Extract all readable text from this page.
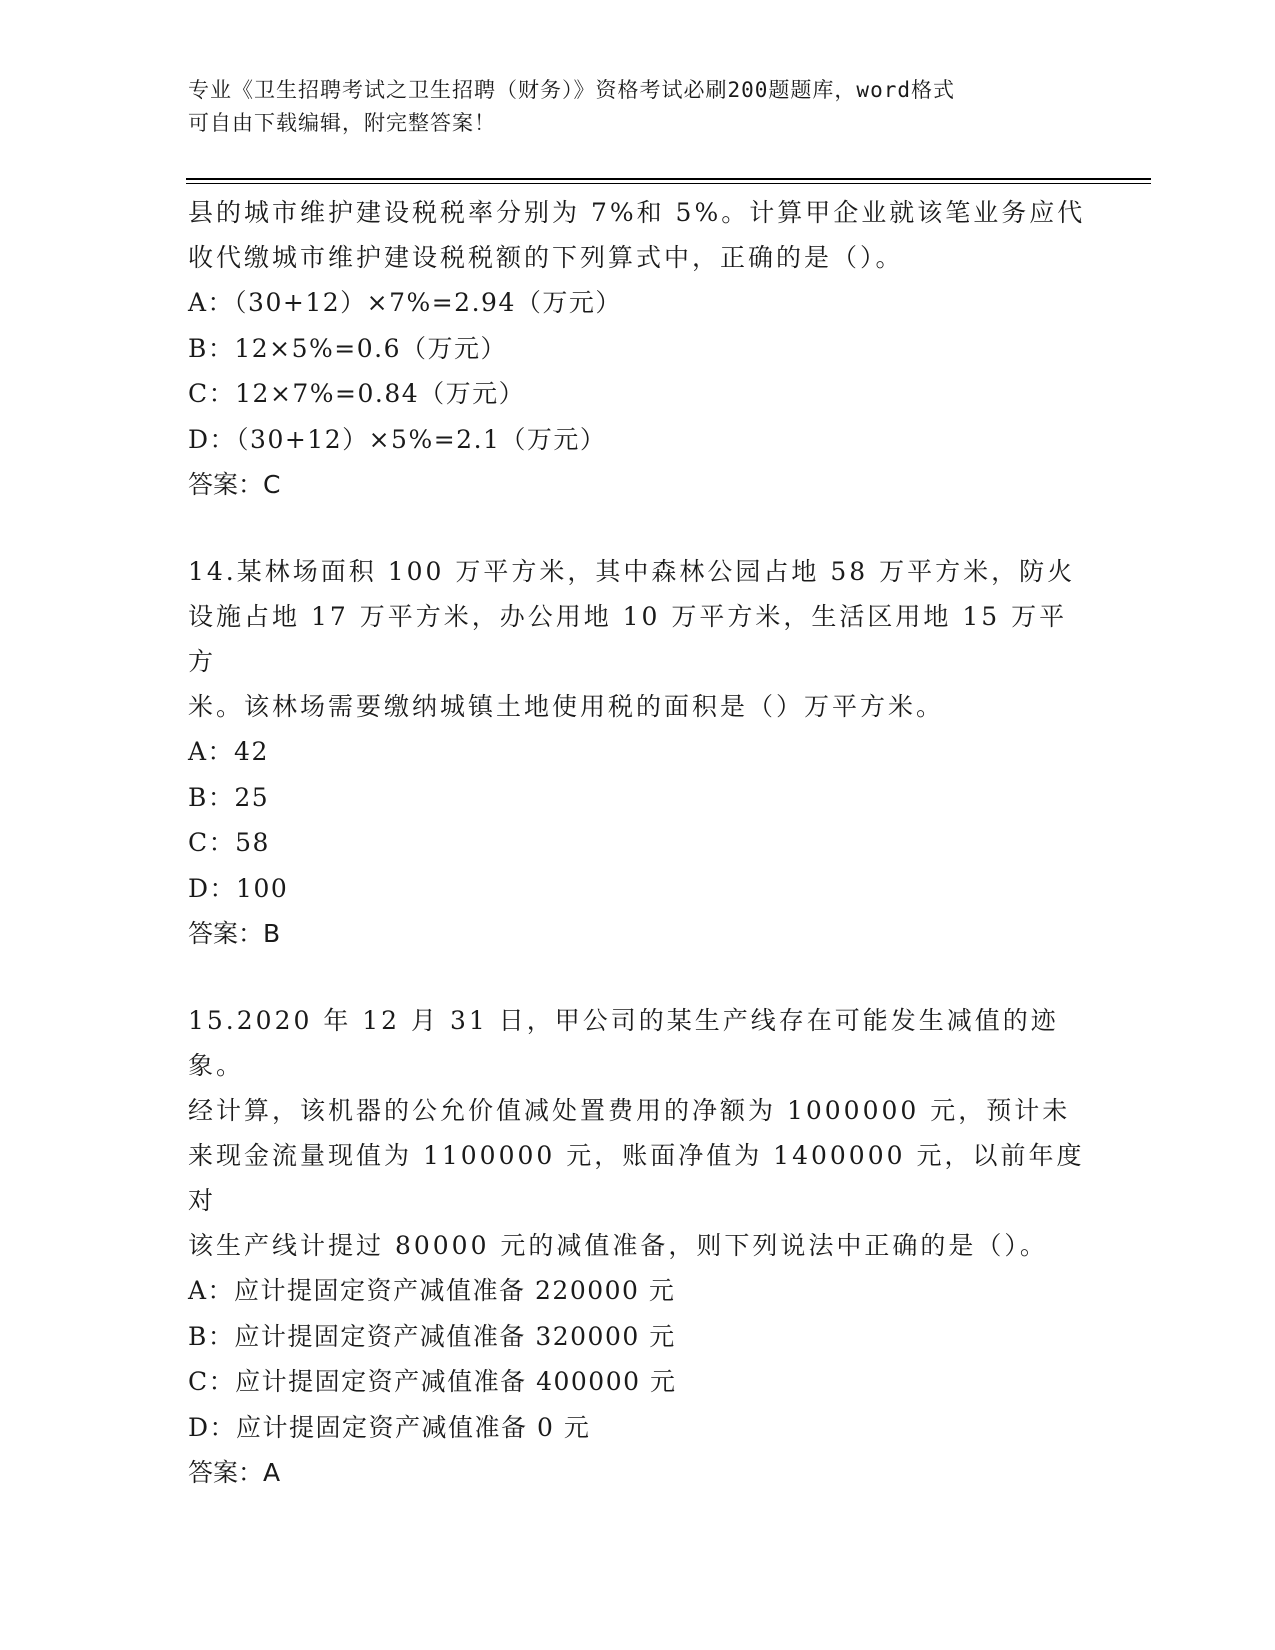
专业《卫生招聘考试之卫生招聘（财务）》资格考试必刷200题题库，word格式
可自由下载编辑，附完整答案！

县的城市维护建设税税率分别为 7%和 5%。计算甲企业就该笔业务应代

收代缴城市维护建设税税额的下列算式中，正确的是（）。

A：（30+12）×7%=2.94（万元）

B：12×5%=0.6（万元）

C：12×7%=0.84（万元）

D：（30+12）×5%=2.1（万元）

答案：C

14.某林场面积 100 万平方米，其中森林公园占地 58 万平方米，防火

设施占地 17 万平方米，办公用地 10 万平方米，生活区用地 15 万平方

米。该林场需要缴纳城镇土地使用税的面积是（）万平方米。

A：42

B：25

C：58

D：100

答案：B

15.2020 年 12 月 31 日，甲公司的某生产线存在可能发生减值的迹象。

经计算，该机器的公允价值减处置费用的净额为 1000000 元，预计未

来现金流量现值为 1100000 元，账面净值为 1400000 元，以前年度对

该生产线计提过 80000 元的减值准备，则下列说法中正确的是（）。

A：应计提固定资产减值准备 220000 元

B：应计提固定资产减值准备 320000 元

C：应计提固定资产减值准备 400000 元

D：应计提固定资产减值准备 0 元

答案：A
